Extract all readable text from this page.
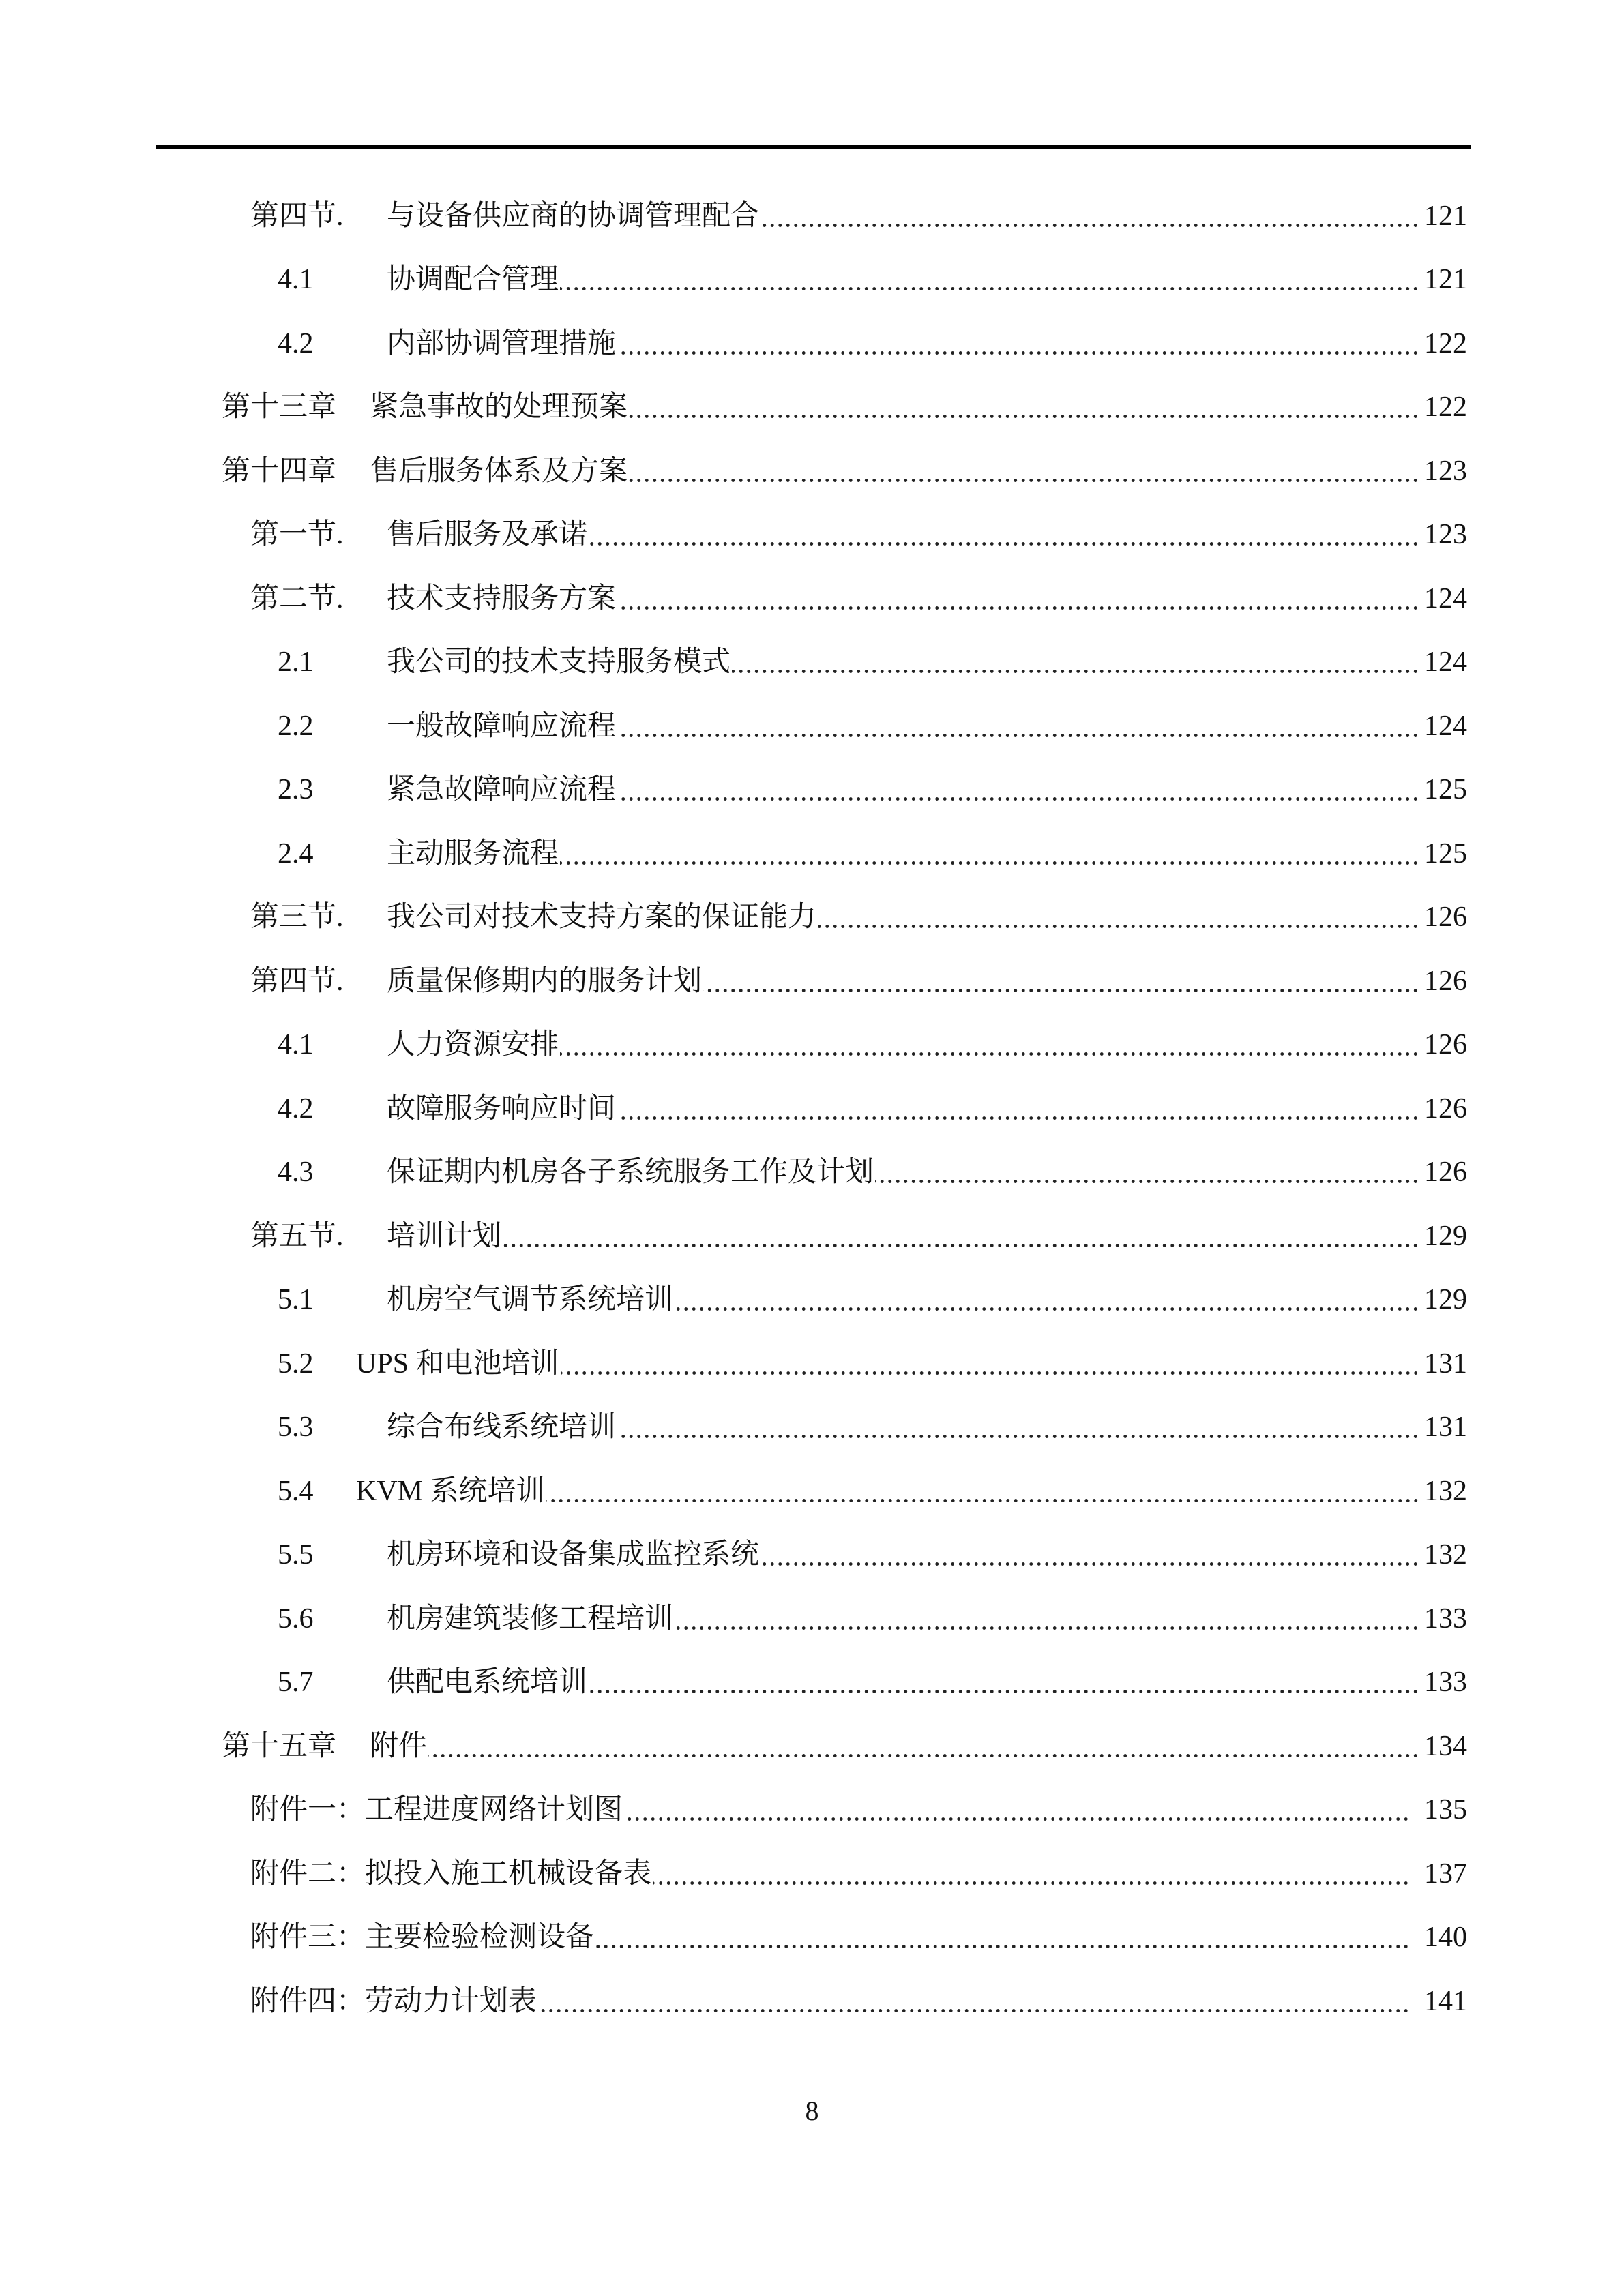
第四节.	与设备供应商的协调管理配合	121
4.1	协调配合管理	121
4.2	内部协调管理措施	122
第十三章	紧急事故的处理预案	122
第十四章	售后服务体系及方案	123
第一节.	售后服务及承诺	123
第二节.	技术支持服务方案	124
2.1	我公司的技术支持服务模式	124
2.2	一般故障响应流程	124
2.3	紧急故障响应流程	125
2.4	主动服务流程	125
第三节.	我公司对技术支持方案的保证能力	126
第四节.	质量保修期内的服务计划	126
4.1	人力资源安排	126
4.2	故障服务响应时间	126
4.3	保证期内机房各子系统服务工作及计划	126
第五节.	培训计划	129
5.1	机房空气调节系统培训	129
5.2	UPS 和电池培训	131
5.3	综合布线系统培训	131
5.4	KVM 系统培训	132
5.5	机房环境和设备集成监控系统	132
5.6	机房建筑装修工程培训	133
5.7	供配电系统培训	133
第十五章	附件	134
附件一： 工程进度网络计划图	135
附件二： 拟投入施工机械设备表	137
附件三： 主要检验检测设备	140
附件四： 劳动力计划表	141
8
